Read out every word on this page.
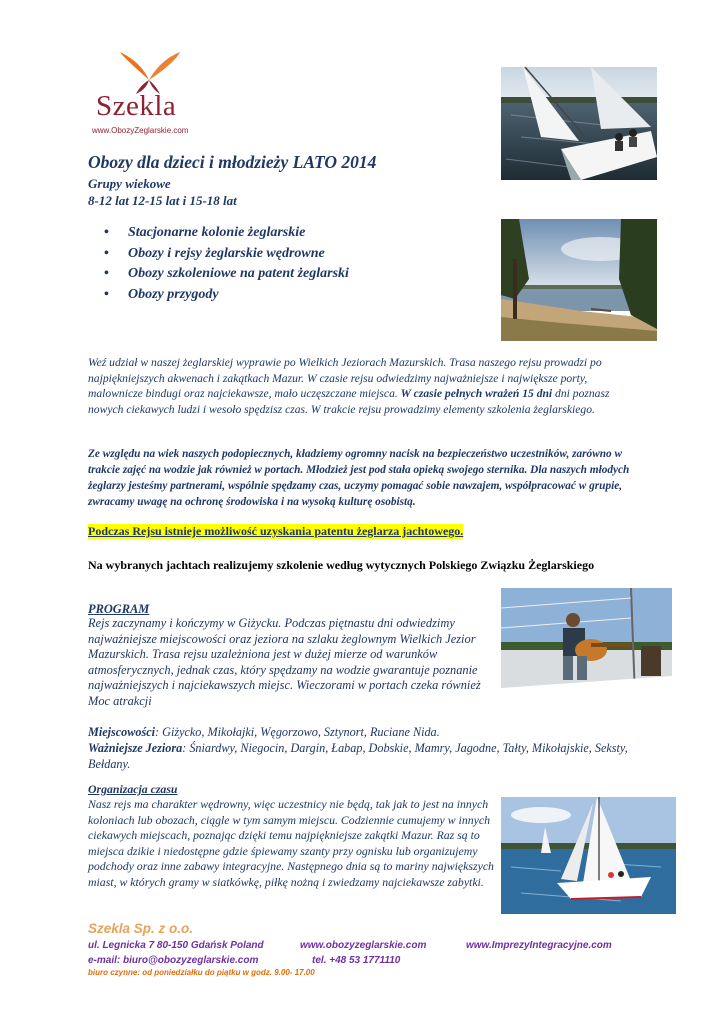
Szekla
www.ObozyZeglarskie.com
Obozy dla dzieci i młodzieży LATO 2014
Grupy wiekowe
8-12 lat 12-15 lat i 15-18 lat
• Stacjonarne kolonie żeglarskie
• Obozy i rejsy żeglarskie wędrowne
• Obozy szkoleniowe na patent żeglarski
• Obozy przygody
Weź udział w naszej żeglarskiej wyprawie po Wielkich Jeziorach Mazurskich. Trasa naszego rejsu prowadzi po najpiękniejszych akwenach i zakątkach Mazur. W czasie rejsu odwiedzimy najważniejsze i największe porty, malownicze bindugi oraz najciekawsze, mało uczęszczane miejsca. W czasie pełnych wrażeń 15 dni dni poznasz nowych ciekawych ludzi i wesoło spędzisz czas. W trakcie rejsu prowadzimy elementy szkolenia żeglarskiego.
Ze względu na wiek naszych podopiecznych, kładziemy ogromny nacisk na bezpieczeństwo uczestników, zarówno w trakcie zajęć na wodzie jak również w portach. Młodzież jest pod stała opieką swojego sternika. Dla naszych młodych żeglarzy jesteśmy partnerami, wspólnie spędzamy czas, uczymy pomagać sobie nawzajem, współpracować w grupie, zwracamy uwagę na ochronę środowiska i na wysoką kulturę osobistą.
Podczas Rejsu istnieje możliwość uzyskania patentu żeglarza jachtowego.
Na wybranych jachtach realizujemy szkolenie według wytycznych Polskiego Związku Żeglarskiego
PROGRAM
Rejs zaczynamy i kończymy w Giżycku. Podczas piętnastu dni odwiedzimy najważniejsze miejscowości oraz jeziora na szlaku żeglownym Wielkich Jezior Mazurskich. Trasa rejsu uzależniona jest w dużej mierze od warunków atmosferycznych, jednak czas, który spędzamy na wodzie gwarantuje poznanie najważniejszych i najciekawszych miejsc. Wieczorami w portach czeka również Moc atrakcji
Miejscowości: Giżycko, Mikołajki, Węgorzowo, Sztynort, Ruciane Nida.
Ważniejsze Jeziora: Śniardwy, Niegocin, Dargin, Łabap, Dobskie, Mamry, Jagodne, Tałty, Mikołajskie, Seksty, Bełdany.
Organizacja czasu
Nasz rejs ma charakter wędrowny, więc uczestnicy nie będą, tak jak to jest na innych koloniach lub obozach, ciągle w tym samym miejscu. Codziennie cumujemy w innych ciekawych miejscach, poznając dzięki temu najpiękniejsze zakątki Mazur. Raz są to miejsca dzikie i niedostępne gdzie śpiewamy szanty przy ognisku lub organizujemy podchody oraz inne zabawy integracyjne. Następnego dnia są to mariny największych miast, w których gramy w siatkówkę, piłkę nożną i zwiedzamy najciekawsze zabytki.
Szekla Sp. z o.o.
ul. Legnicka 7 80-150 Gdańsk Poland	www.obozyzeglarskie.com	www.ImprezyIntegracyjne.com
e-mail: biuro@obozyzeglarskie.com	tel. +48 53 1771110
biuro czynne: od poniedziałku do piątku w godz. 9.00- 17.00
